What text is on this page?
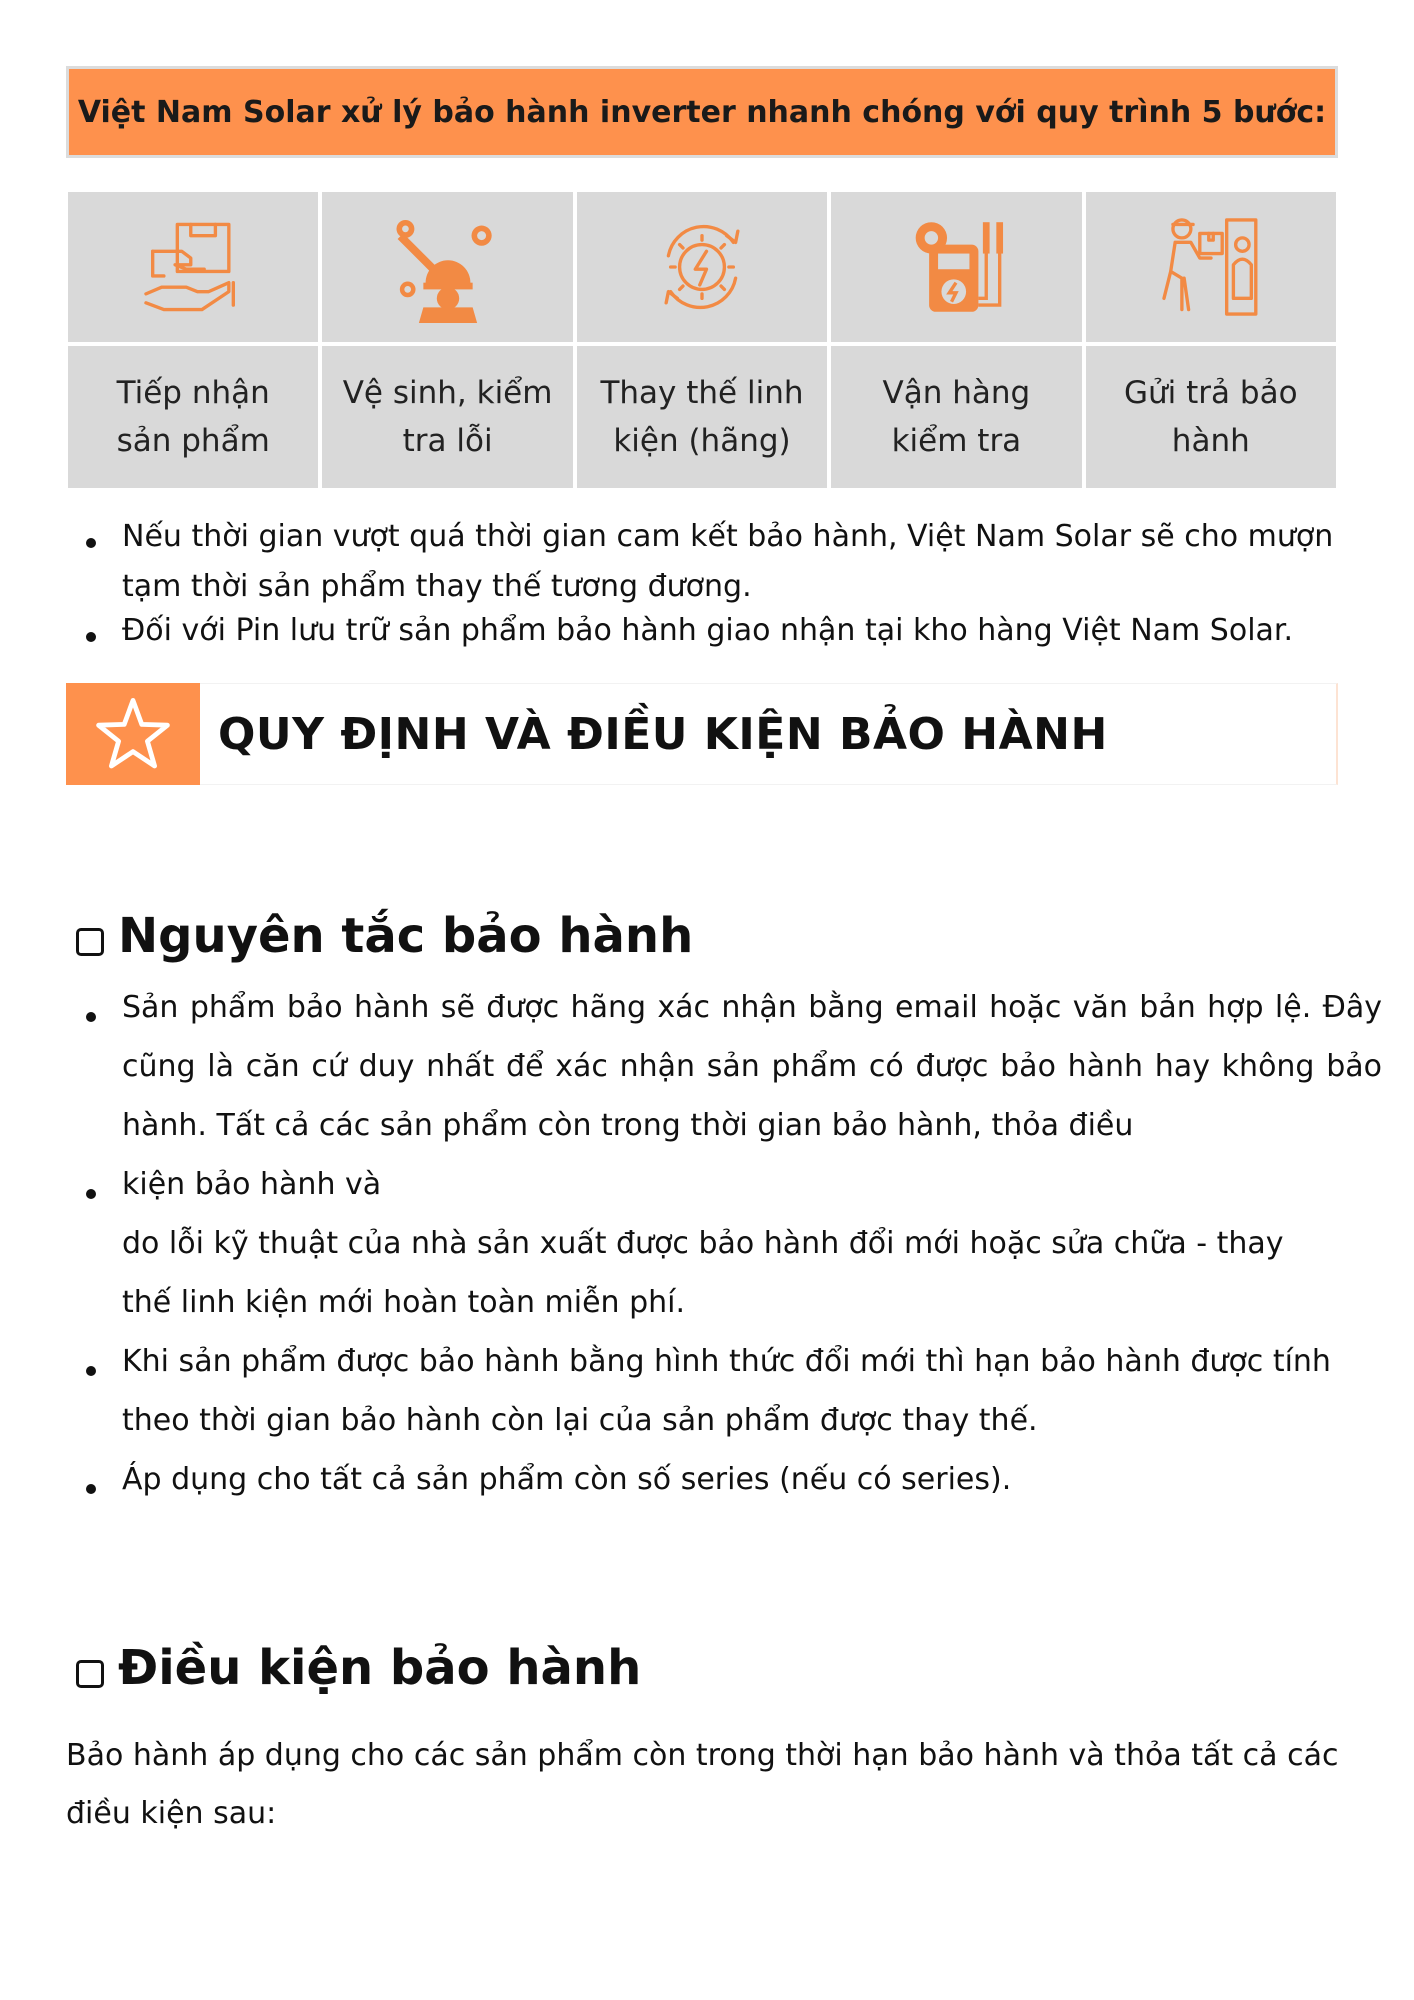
Việt Nam Solar xử lý bảo hành inverter nhanh chóng với quy trình 5 bước:
Tiếp nhận
sản phẩm
Vệ sinh, kiểm
tra lỗi
Thay thế linh
kiện (hãng)
Vận hàng
kiểm tra
Gửi trả bảo
hành
Nếu thời gian vượt quá thời gian cam kết bảo hành, Việt Nam Solar sẽ cho mượn tạm thời sản phẩm thay thế tương đương.
Đối với Pin lưu trữ sản phẩm bảo hành giao nhận tại kho hàng Việt Nam Solar.
QUY ĐỊNH VÀ ĐIỀU KIỆN BẢO HÀNH
Nguyên tắc bảo hành
Sản phẩm bảo hành sẽ được hãng xác nhận bằng email hoặc văn bản hợp lệ. Đây cũng là căn cứ duy nhất để xác nhận sản phẩm có được bảo hành hay không bảo hành. Tất cả các sản phẩm còn trong thời gian bảo hành, thỏa điều
kiện bảo hành và
do lỗi kỹ thuật của nhà sản xuất được bảo hành đổi mới hoặc sửa chữa - thay thế linh kiện mới hoàn toàn miễn phí.
Khi sản phẩm được bảo hành bằng hình thức đổi mới thì hạn bảo hành được tính theo thời gian bảo hành còn lại của sản phẩm được thay thế.
Áp dụng cho tất cả sản phẩm còn số series (nếu có series).
Điều kiện bảo hành
Bảo hành áp dụng cho các sản phẩm còn trong thời hạn bảo hành và thỏa tất cả các điều kiện sau:
